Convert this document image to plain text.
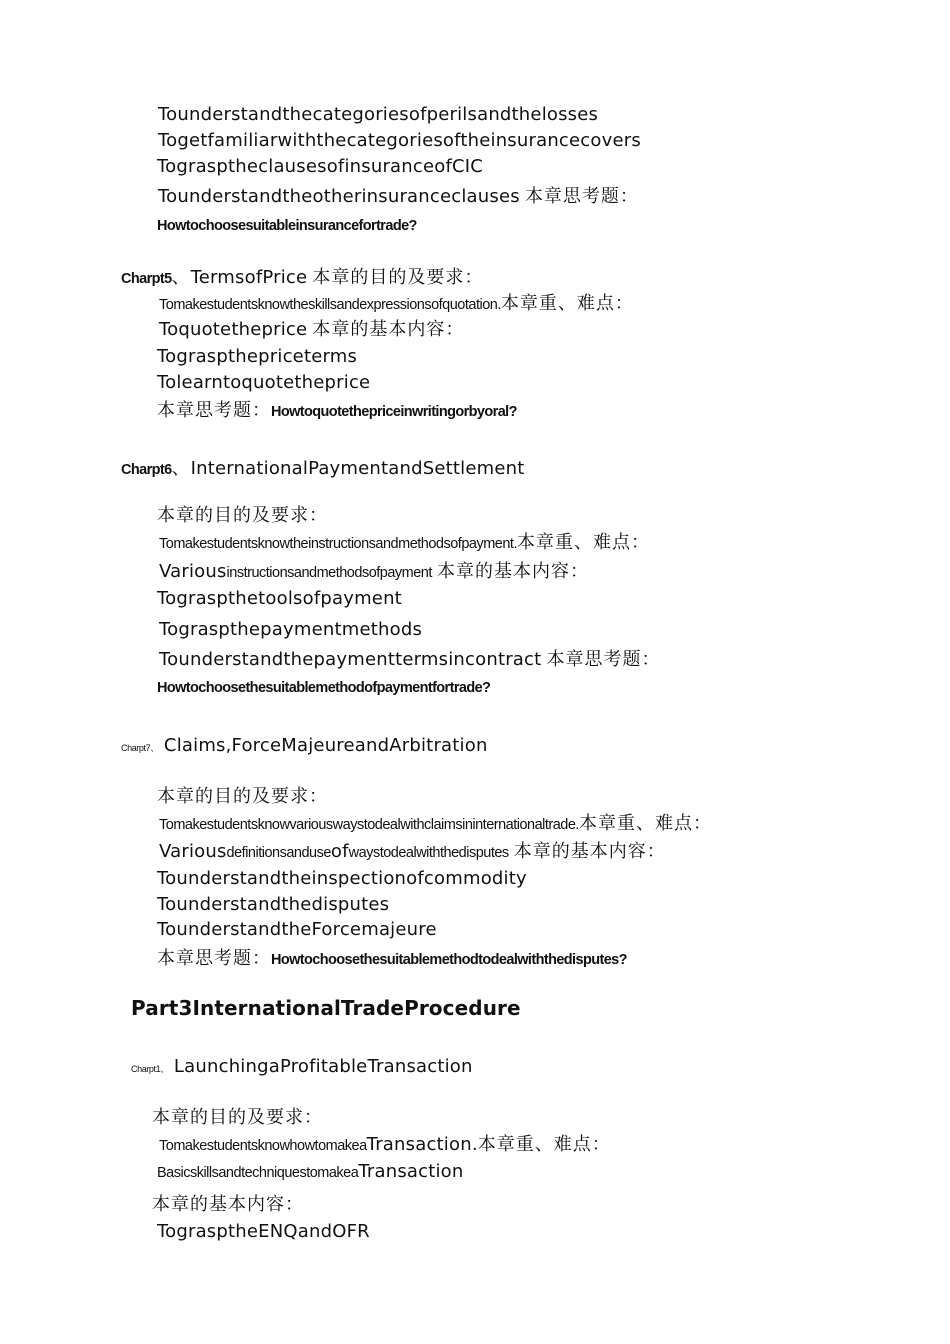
Tounderstandthecategoriesofperilsandthelosses
Togetfamiliarwiththecategoriesoftheinsurancecovers
Togra​sptheclausesofinsuranceofCIC
Tounderstandtheotherinsuranceclauses 本章思考题：
Howtochoosesuitableinsurancefortrade?
Charpt5、TermsofPrice 本章的目的及要求：
Tomakestudentsknowtheskillsandexpressionsofquotation.本章重、难点：
Toquotetheprice 本章的基本内容：
Tograsptheprice​terms
Tolearntoquotetheprice
本章思考题：Howtoquotethepriceinwritingorbyoral?
Charpt6、InternationalPaymentandSettlement
本章的目的及要求：
Tomakestudentsknowtheinstructionsandmethodsofpayment.本章重、难点：
Variousinstructionsandmethodsofpayment 本章的基本内容：
Tograspthetoolsofpayment
Tograspthepaymentmethods
Tounderstandthepaymenttermsincontract 本章思考题：
Howtochoosethesuitablemethodofpaymentfortrade?
Charpt7、 Claims,ForceMajeureandArbitration
本章的目的及要求：
Tomakestudentsknowvariouswaystodealwithclaimsininternationaltrade.本章重、难点：
Variousdefinitionsanduseofwaystodealwiththedisputes 本章的基本内容：
Tounderstandtheinspectionofcommodity
Tounderstandthedisputes
TounderstandtheForcemajeure
本章思考题：Howtochoosethesuitablemethodtodealwiththedisputes?
Part3InternationalTradeProcedure
Charpt1、 LaunchingaProfitableTransaction
本章的目的及要求：
TomakestudentsknowhowtomakeaTransaction.本章重、难点：
BasicskillsandtechniquestomakeaTransaction
本章的基本内容：
TograsptheENQandOFR
